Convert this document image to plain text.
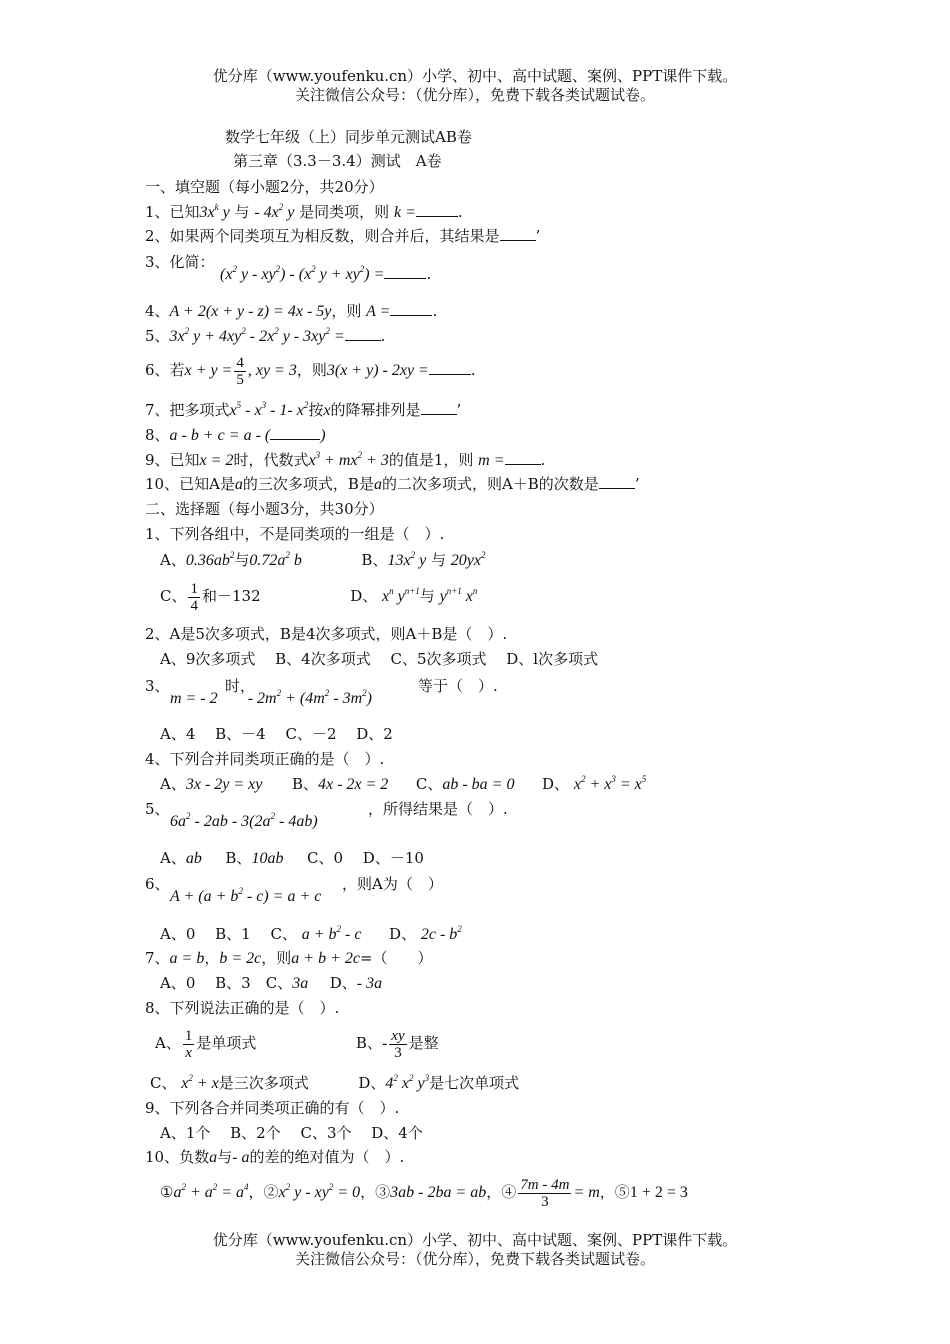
优分库（www.youfenku.cn）小学、初中、高中试题、案例、PPT课件下载。
关注微信公众号：（优分库），免费下载各类试题试卷。
数学七年级（上）同步单元测试AB卷
第三章（3.3－3.4）测试　A卷
一、填空题（每小题2分，共20分）
1、已知$3x^k$ y 与 - $4x^2$ y 是同类项，则 k =	.
2、如果两个同类项互为相反数，则合并后，其结果是 ’
3、化简：
($x^2$ y - $xy^2) - (x^2$ $y + xy^2$) =	.
4、A + 2(x + y - z) = 4x - 5y，则 A =	.
5、$3x^2$ $y + 4xy^2 - 2x^2$ y - $3xy^2$ = .
6、若$x + y = \frac{4}{5}$ , xy = 3，则3(x + y) - 2xy =	.
7、把多项式$x^5 - x^3 - 1-$ $x^2$按x的降幂排列是 ’
8、a - b + c = a - (	)
9、已知x = 2时，代数式$x^3 + mx^2 + 3$的值是1，则 m = .
10、已知A是a的三次多项式，B是a的二次多项式，则A＋B的次数是 ’
二、选择题（每小题3分，共30分）
1、下列各组中，不是同类项的一组是（　）.
A、$0.36ab^2$与$0.72a^2$ b	B、$13x^2$ y 与 $20yx^2$
C、 $\frac{1}{4}$ 和－132	D、 $x^n$ $y^{n+1}$与 $y^{n+1}$ $x^n$
2、A是5次多项式，B是4次多项式，则A＋B是（　）.
A、9次多项式　 B、4次多项式　 C、5次多项式　 D、l次多项式
3、	时，	等于（　）.
m = - $2 - 2m^2 + (4m^2 - 3m^2)$
A、4　 B、－4　 C、－2　 D、2
4、下列合并同类项正确的是（　）.
A、3x - 2y = xy B、4x - 2x = 2 C、ab - ba = 0 D、 $x^2 + x^3 = x^5$
5、	，所得结果是（　）.
$6a^2 - 2ab - 3(2a^2 - 4ab)$
A、ab B、10ab C、0　 D、－10
6、	，则A为（　）
$A + (a + b^2 - c) = a + c$
A、0　 B、1　 C、 $a + b^2 - c$ D、 $2c - b^2$
7、a = b，b = 2c，则a + b + 2c=（　　）
A、0　 B、3　C、3a D、- 3a
8、下列说法正确的是（　）.
A、 $\frac{1}{x}$ 是单项式	B、- $\frac{xy}{3}$ 是整
C、 $x^2 + x$是三次多项式	D、$4^2$ $x^2$ $y^3$是七次单项式
9、下列各合并同类项正确的有（　）.
A、1个　 B、2个　 C、3个　 D、4个
10、负数a与- a的差的绝对值为（　）.
$①a^2 + a^2 = a^4$，$②x^2$ $y - xy^2 = 0$，③3ab - 2ba = ab，④ $\frac{7m - 4m}{3} = m$，⑤1 + 2 = 3
优分库（www.youfenku.cn）小学、初中、高中试题、案例、PPT课件下载。
关注微信公众号：（优分库），免费下载各类试题试卷。
